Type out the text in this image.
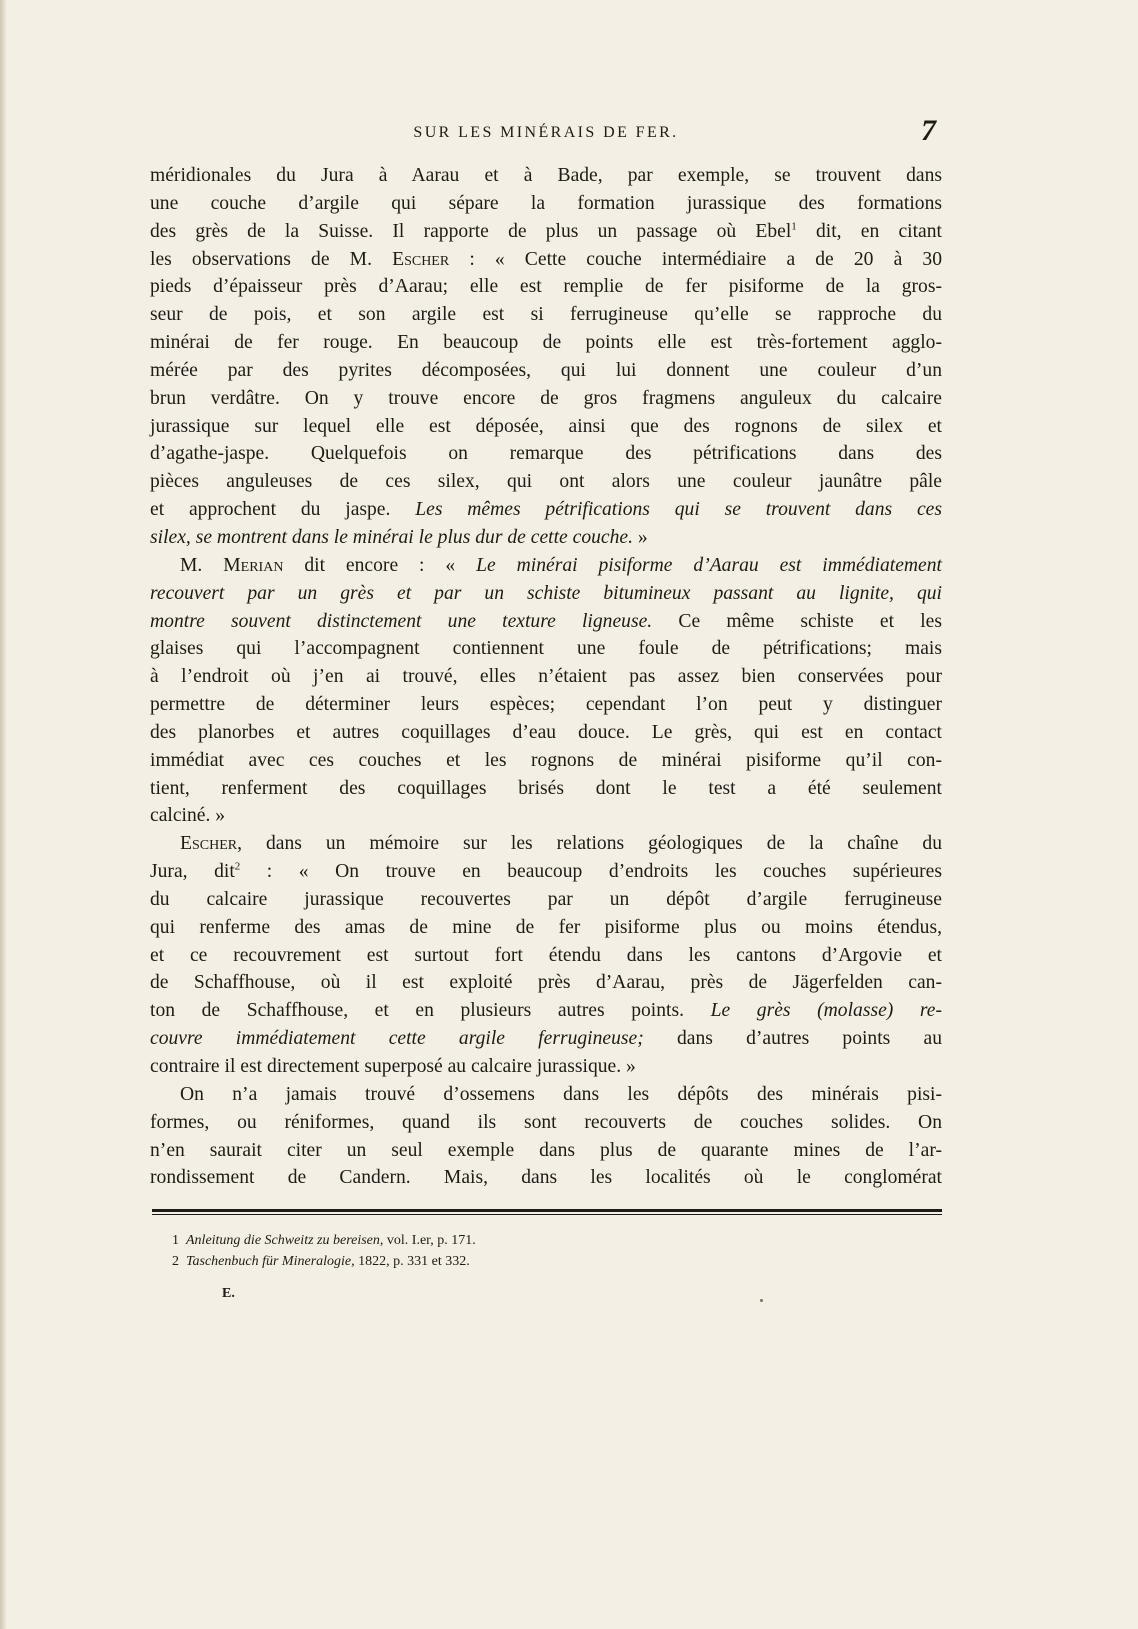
SUR LES MINÉRAIS DE FER.	7
méridionales du Jura à Aarau et à Bade, par exemple, se trouvent dans
une couche d’argile qui sépare la formation jurassique des formations
des grès de la Suisse. Il rapporte de plus un passage où Ebel$^1$ dit, en citant
les observations de M. Escher : « Cette couche intermédiaire a de 20 à 30
pieds d’épaisseur près d’Aarau; elle est remplie de fer pisiforme de la gros-
seur de pois, et son argile est si ferrugineuse qu’elle se rapproche du
minérai de fer rouge. En beaucoup de points elle est très-fortement agglo-
mérée par des pyrites décomposées, qui lui donnent une couleur d’un
brun verdâtre. On y trouve encore de gros fragmens anguleux du calcaire
jurassique sur lequel elle est déposée, ainsi que des rognons de silex et
d’agathe-jaspe. Quelquefois on remarque des pétrifications dans des
pièces anguleuses de ces silex, qui ont alors une couleur jaunâtre pâle
et approchent du jaspe. Les mêmes pétrifications qui se trouvent dans ces
silex, se montrent dans le minérai le plus dur de cette couche. »
M. Merian dit encore : « Le minérai pisiforme d’Aarau est immédiatement
recouvert par un grès et par un schiste bitumineux passant au lignite, qui
montre souvent distinctement une texture ligneuse. Ce même schiste et les
glaises qui l’accompagnent contiennent une foule de pétrifications; mais
à l’endroit où j’en ai trouvé, elles n’étaient pas assez bien conservées pour
permettre de déterminer leurs espèces; cependant l’on peut y distinguer
des planorbes et autres coquillages d’eau douce. Le grès, qui est en contact
immédiat avec ces couches et les rognons de minérai pisiforme qu’il con-
tient, renferment des coquillages brisés dont le test a été seulement
calciné. »
Escher, dans un mémoire sur les relations géologiques de la chaîne du
Jura, dit$^2$ : « On trouve en beaucoup d’endroits les couches supérieures
du calcaire jurassique recouvertes par un dépôt d’argile ferrugineuse
qui renferme des amas de mine de fer pisiforme plus ou moins étendus,
et ce recouvrement est surtout fort étendu dans les cantons d’Argovie et
de Schaffhouse, où il est exploité près d’Aarau, près de Jägerfelden can-
ton de Schaffhouse, et en plusieurs autres points. Le grès (molasse) re-
couvre immédiatement cette argile ferrugineuse; dans d’autres points au
contraire il est directement superposé au calcaire jurassique. »
On n’a jamais trouvé d’ossemens dans les dépôts des minérais pisi-
formes, ou réniformes, quand ils sont recouverts de couches solides. On
n’en saurait citer un seul exemple dans plus de quarante mines de l’ar-
rondissement de Candern. Mais, dans les localités où le conglomérat
1 Anleitung die Schweitz zu bereisen, vol. I.er, p. 171.
2 Taschenbuch für Mineralogie, 1822, p. 331 et 332.
E.
